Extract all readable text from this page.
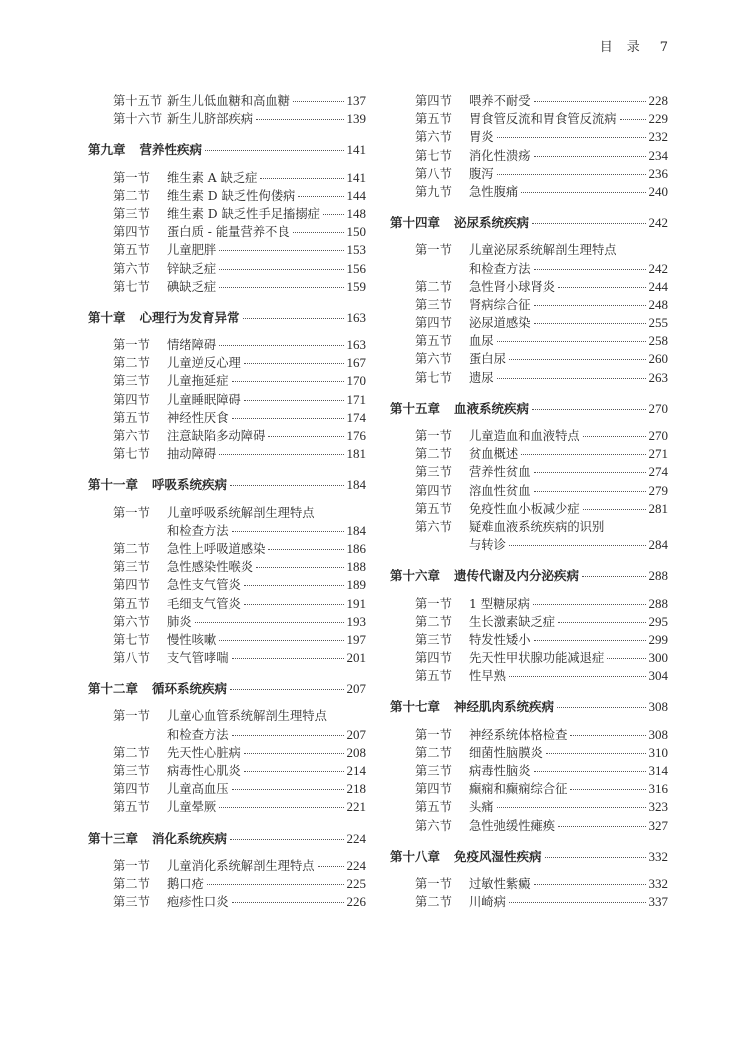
目录 7
第十五节 新生儿低血糖和高血糖	137
第十六节 新生儿脐部疾病	139
第九章 营养性疾病	141
第一节	维生素 A 缺乏症	141
第二节	维生素 D 缺乏性佝偻病	144
第三节	维生素 D 缺乏性手足搐搦症 148
第四节	蛋白质 - 能量营养不良	150
第五节	儿童肥胖	153
第六节	锌缺乏症	156
第七节	碘缺乏症	159
第十章 心理行为发育异常	163
第一节	情绪障碍	163
第二节	儿童逆反心理	167
第三节	儿童拖延症	170
第四节	儿童睡眠障碍	171
第五节	神经性厌食	174
第六节	注意缺陷多动障碍	176
第七节	抽动障碍	181
第十一章 呼吸系统疾病	184
第一节	儿童呼吸系统解剖生理特点
和检查方法	184
第二节	急性上呼吸道感染	186
第三节	急性感染性喉炎	188
第四节	急性支气管炎	189
第五节	毛细支气管炎	191
第六节	肺炎	193
第七节	慢性咳嗽	197
第八节	支气管哮喘	201
第十二章 循环系统疾病	207
第一节	儿童心血管系统解剖生理特点
和检查方法	207
第二节	先天性心脏病	208
第三节	病毒性心肌炎	214
第四节	儿童高血压	218
第五节	儿童晕厥	221
第十三章 消化系统疾病	224
第一节	儿童消化系统解剖生理特点 224
第二节	鹅口疮	225
第三节	疱疹性口炎	226
第四节	喂养不耐受	228
第五节	胃食管反流和胃食管反流病 229
第六节	胃炎	232
第七节	消化性溃疡	234
第八节	腹泻	236
第九节	急性腹痛	240
第十四章 泌尿系统疾病	242
第一节	儿童泌尿系统解剖生理特点
和检查方法	242
第二节	急性肾小球肾炎	244
第三节	肾病综合征	248
第四节	泌尿道感染	255
第五节	血尿	258
第六节	蛋白尿	260
第七节	遗尿	263
第十五章 血液系统疾病	270
第一节	儿童造血和血液特点	270
第二节	贫血概述	271
第三节	营养性贫血	274
第四节	溶血性贫血	279
第五节	免疫性血小板减少症	281
第六节	疑难血液系统疾病的识别
与转诊	284
第十六章 遗传代谢及内分泌疾病	288
第一节	1 型糖尿病	288
第二节	生长激素缺乏症	295
第三节	特发性矮小	299
第四节	先天性甲状腺功能减退症	300
第五节	性早熟	304
第十七章 神经肌肉系统疾病	308
第一节	神经系统体格检查	308
第二节	细菌性脑膜炎	310
第三节	病毒性脑炎	314
第四节	癫痫和癫痫综合征	316
第五节	头痛	323
第六节	急性弛缓性瘫痪	327
第十八章 免疫风湿性疾病	332
第一节	过敏性紫癜	332
第二节	川崎病	337
